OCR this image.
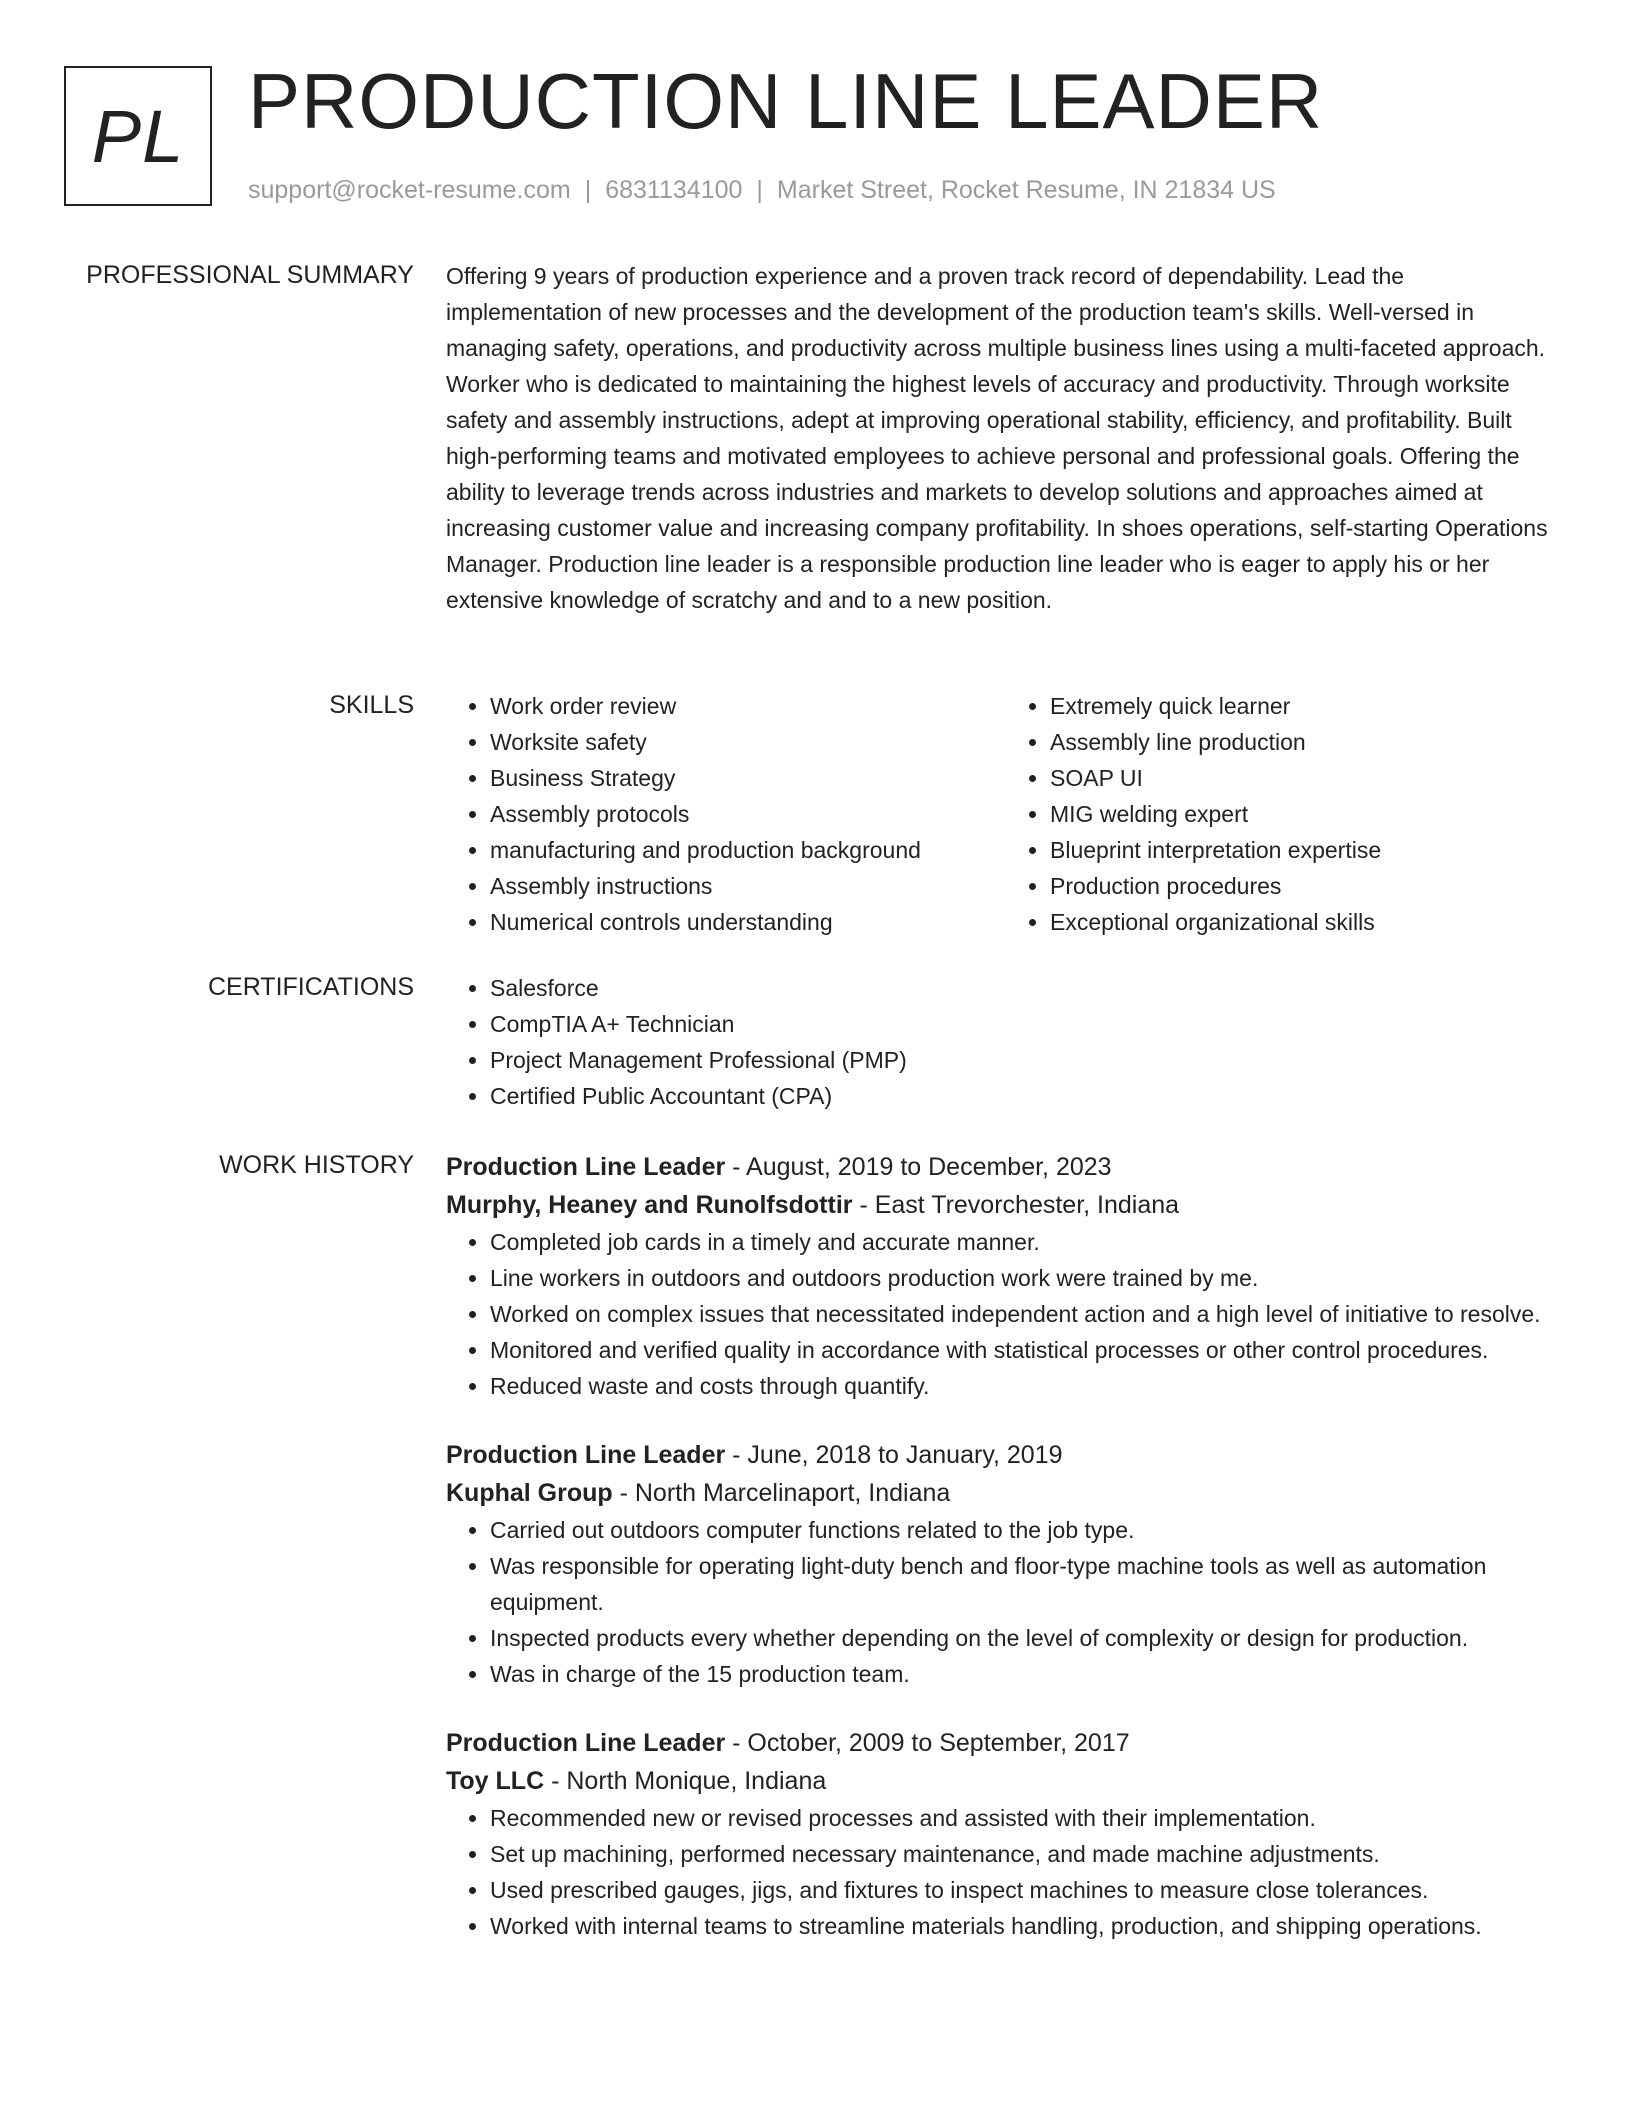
PL PRODUCTION LINE LEADER
support@rocket-resume.com | 6831134100 | Market Street, Rocket Resume, IN 21834 US
PROFESSIONAL SUMMARY Offering 9 years of production experience and a proven track record of dependability. Lead the implementation of new processes and the development of the production team's skills. Well-versed in managing safety, operations, and productivity across multiple business lines using a multi-faceted approach. Worker who is dedicated to maintaining the highest levels of accuracy and productivity. Through worksite safety and assembly instructions, adept at improving operational stability, efficiency, and profitability. Built high-performing teams and motivated employees to achieve personal and professional goals. Offering the ability to leverage trends across industries and markets to develop solutions and approaches aimed at increasing customer value and increasing company profitability. In shoes operations, self-starting Operations Manager. Production line leader is a responsible production line leader who is eager to apply his or her extensive knowledge of scratchy and and to a new position.
SKILLS	• Work order review
• Worksite safety
• Business Strategy
• Assembly protocols
• manufacturing and production background
• Assembly instructions
• Numerical controls understanding
• Extremely quick learner
• Assembly line production
• SOAP UI
• MIG welding expert
• Blueprint interpretation expertise
• Production procedures
• Exceptional organizational skills
CERTIFICATIONS	• Salesforce
• CompTIA A+ Technician
• Project Management Professional (PMP)
• Certified Public Accountant (CPA)
WORK HISTORY Production Line Leader - August, 2019 to December, 2023
Murphy, Heaney and Runolfsdottir - East Trevorchester, Indiana
• Completed job cards in a timely and accurate manner.
• Line workers in outdoors and outdoors production work were trained by me.
• Worked on complex issues that necessitated independent action and a high level of initiative to resolve.
• Monitored and verified quality in accordance with statistical processes or other control procedures.
• Reduced waste and costs through quantify.
Production Line Leader - June, 2018 to January, 2019
Kuphal Group - North Marcelinaport, Indiana
• Carried out outdoors computer functions related to the job type.
• Was responsible for operating light-duty bench and floor-type machine tools as well as automation equipment.
• Inspected products every whether depending on the level of complexity or design for production.
• Was in charge of the 15 production team.
Production Line Leader - October, 2009 to September, 2017
Toy LLC - North Monique, Indiana
• Recommended new or revised processes and assisted with their implementation.
• Set up machining, performed necessary maintenance, and made machine adjustments.
• Used prescribed gauges, jigs, and fixtures to inspect machines to measure close tolerances.
• Worked with internal teams to streamline materials handling, production, and shipping operations.
